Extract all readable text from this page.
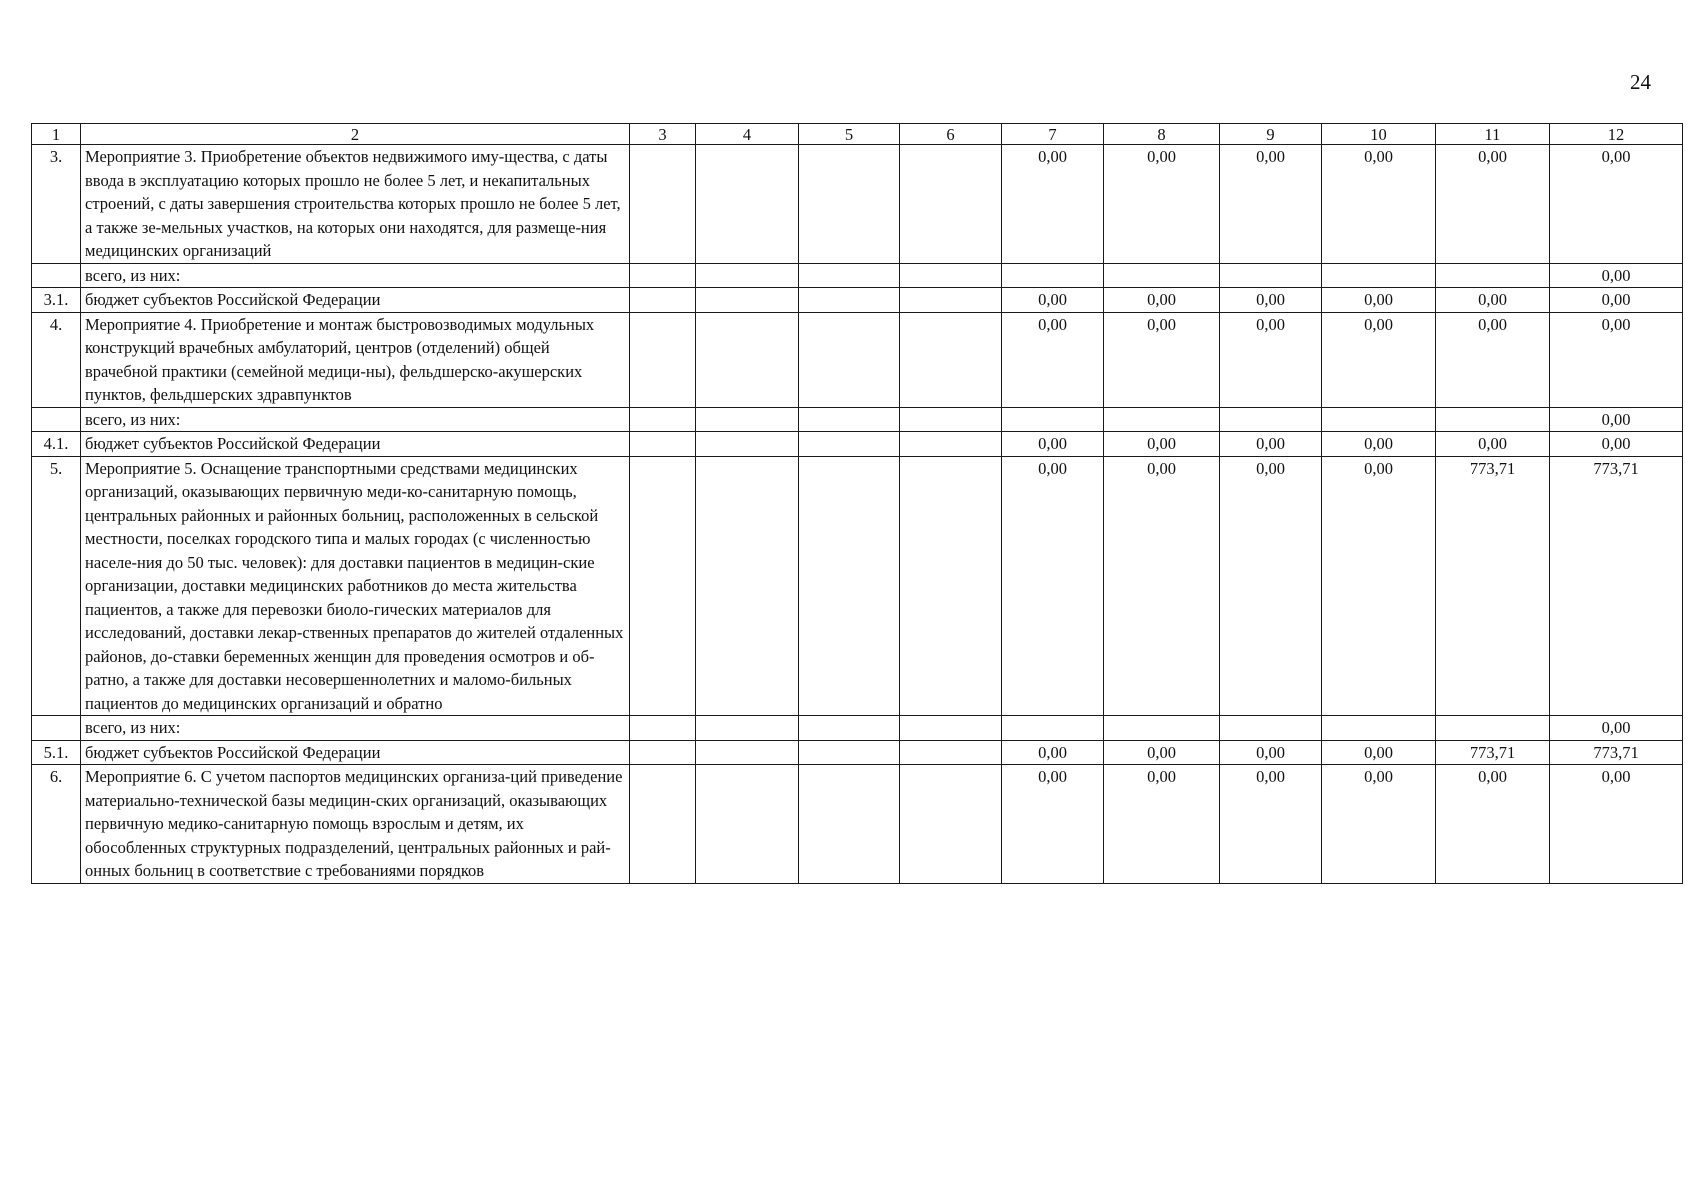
24
1	2	3	4	5	6	7	8	9	10	11	12
3.	Мероприятие 3. Приобретение объектов недвижимого иму-щества, с даты ввода в эксплуатацию которых прошло не более 5 лет, и некапитальных строений, с даты завершения строительства которых прошло не более 5 лет, а также зе-мельных участков, на которых они находятся, для размеще-ния медицинских организаций					0,00	0,00	0,00	0,00	0,00	0,00
	всего, из них:										0,00
3.1.	бюджет субъектов Российской Федерации					0,00	0,00	0,00	0,00	0,00	0,00
4.	Мероприятие 4. Приобретение и монтаж быстровозводимых модульных конструкций врачебных амбулаторий, центров (отделений) общей врачебной практики (семейной медици-ны), фельдшерско-акушерских пунктов, фельдшерских здравпунктов					0,00	0,00	0,00	0,00	0,00	0,00
	всего, из них:										0,00
4.1.	бюджет субъектов Российской Федерации					0,00	0,00	0,00	0,00	0,00	0,00
5.	Мероприятие 5. Оснащение транспортными средствами медицинских организаций, оказывающих первичную меди-ко-санитарную помощь, центральных районных и районных больниц, расположенных в сельской местности, поселках городского типа и малых городах (с численностью населе-ния до 50 тыс. человек): для доставки пациентов в медицин-ские организации, доставки медицинских работников до места жительства пациентов, а также для перевозки биоло-гических материалов для исследований, доставки лекар-ственных препаратов до жителей отдаленных районов, до-ставки беременных женщин для проведения осмотров и об-ратно, а также для доставки несовершеннолетних и маломо-бильных пациентов до медицинских организаций и обратно					0,00	0,00	0,00	0,00	773,71	773,71
	всего, из них:										0,00
5.1.	бюджет субъектов Российской Федерации					0,00	0,00	0,00	0,00	773,71	773,71
6.	Мероприятие 6. С учетом паспортов медицинских организа-ций приведение материально-технической базы медицин-ских организаций, оказывающих первичную медико-санитарную помощь взрослым и детям, их обособленных структурных подразделений, центральных районных и рай-онных больниц в соответствие с требованиями порядков					0,00	0,00	0,00	0,00	0,00	0,00
